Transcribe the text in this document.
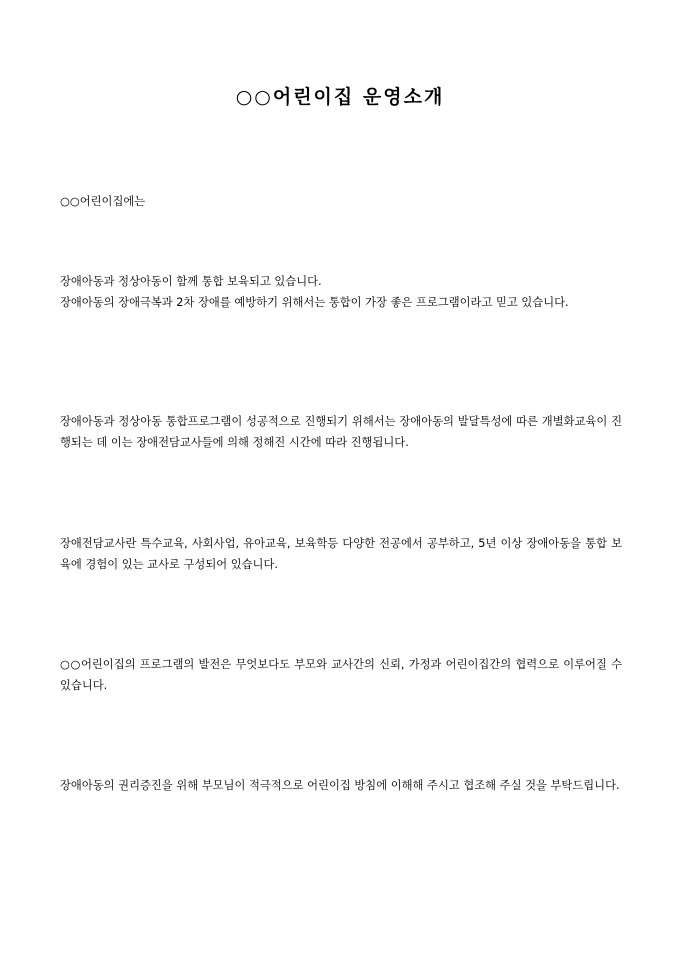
○○어린이집 운영소개

○○어린이집에는

장애아동과 정상아동이 함께 통합 보육되고 있습니다.
장애아동의 장애극복과 2차 장애를 예방하기 위해서는 통합이 가장 좋은 프로그램이라고 믿고 있습니다.

장애아동과 정상아동 통합프로그램이 성공적으로 진행되기 위해서는 장애아동의 발달특성에 따른 개별화교육이 진행되는 데 이는 장애전담교사들에 의해 정해진 시간에 따라 진행됩니다.

장애전담교사란 특수교육, 사회사업, 유아교육, 보육학등 다양한 전공에서 공부하고, 5년 이상 장애아동을 통합 보육에 경험이 있는 교사로 구성되어 있습니다.

○○어린이집의 프로그램의 발전은 무엇보다도 부모와 교사간의 신뢰, 가정과 어린이집간의 협력으로 이루어질 수 있습니다.

장애아동의 권리증진을 위해 부모님이 적극적으로 어린이집 방침에 이해해 주시고 협조해 주실 것을 부탁드립니다.
